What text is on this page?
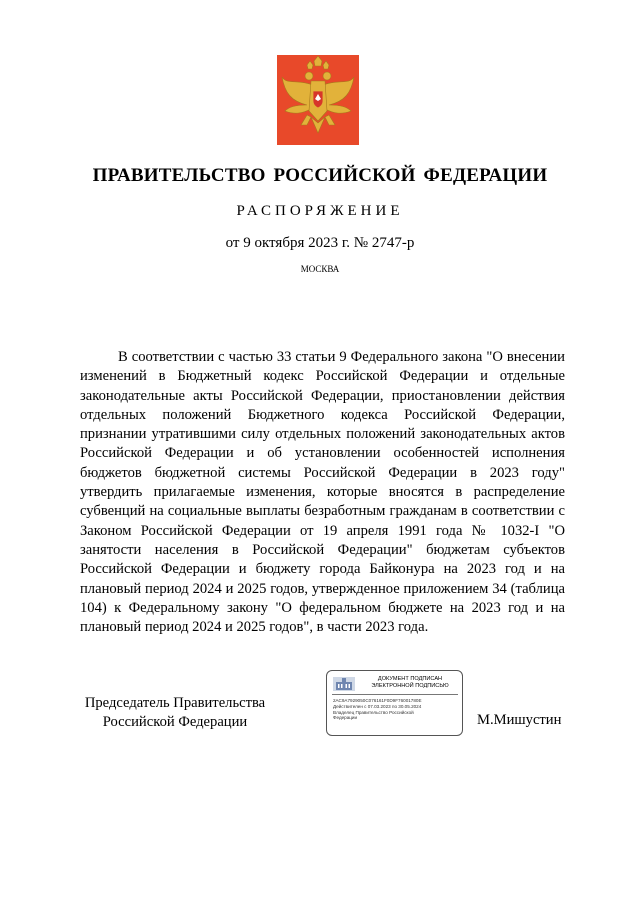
ПРАВИТЕЛЬСТВО РОССИЙСКОЙ ФЕДЕРАЦИИ
РАСПОРЯЖЕНИЕ
от 9 октября 2023 г. № 2747-р
МОСКВА

В соответствии с частью 33 статьи 9 Федерального закона "О внесении изменений в Бюджетный кодекс Российской Федерации и отдельные законодательные акты Российской Федерации, приостановлении действия отдельных положений Бюджетного кодекса Российской Федерации, признании утратившими силу отдельных положений законодательных актов Российской Федерации и об установлении особенностей исполнения бюджетов бюджетной системы Российской Федерации в 2023 году" утвердить прилагаемые изменения, которые вносятся в распределение субвенций на социальные выплаты безработным гражданам в соответствии с Законом Российской Федерации от 19 апреля 1991 года № 1032-I "О занятости населения в Российской Федерации" бюджетам субъектов Российской Федерации и бюджету города Байконура на 2023 год и на плановый период 2024 и 2025 годов, утвержденное приложением 34 (таблица 104) к Федеральному закону "О федеральном бюджете на 2023 год и на плановый период 2024 и 2025 годов", в части 2023 года.

Председатель Правительства
Российской Федерации
ДОКУМЕНТ ПОДПИСАН
ЭЛЕКТРОННОЙ ПОДПИСЬЮ
2АС9А7929050С076161F0D9F76001780Е
Действителен с 07.03.2023 по 30.05.2024
Владелец Правительство Российской
Федерации	М.Мишустин
